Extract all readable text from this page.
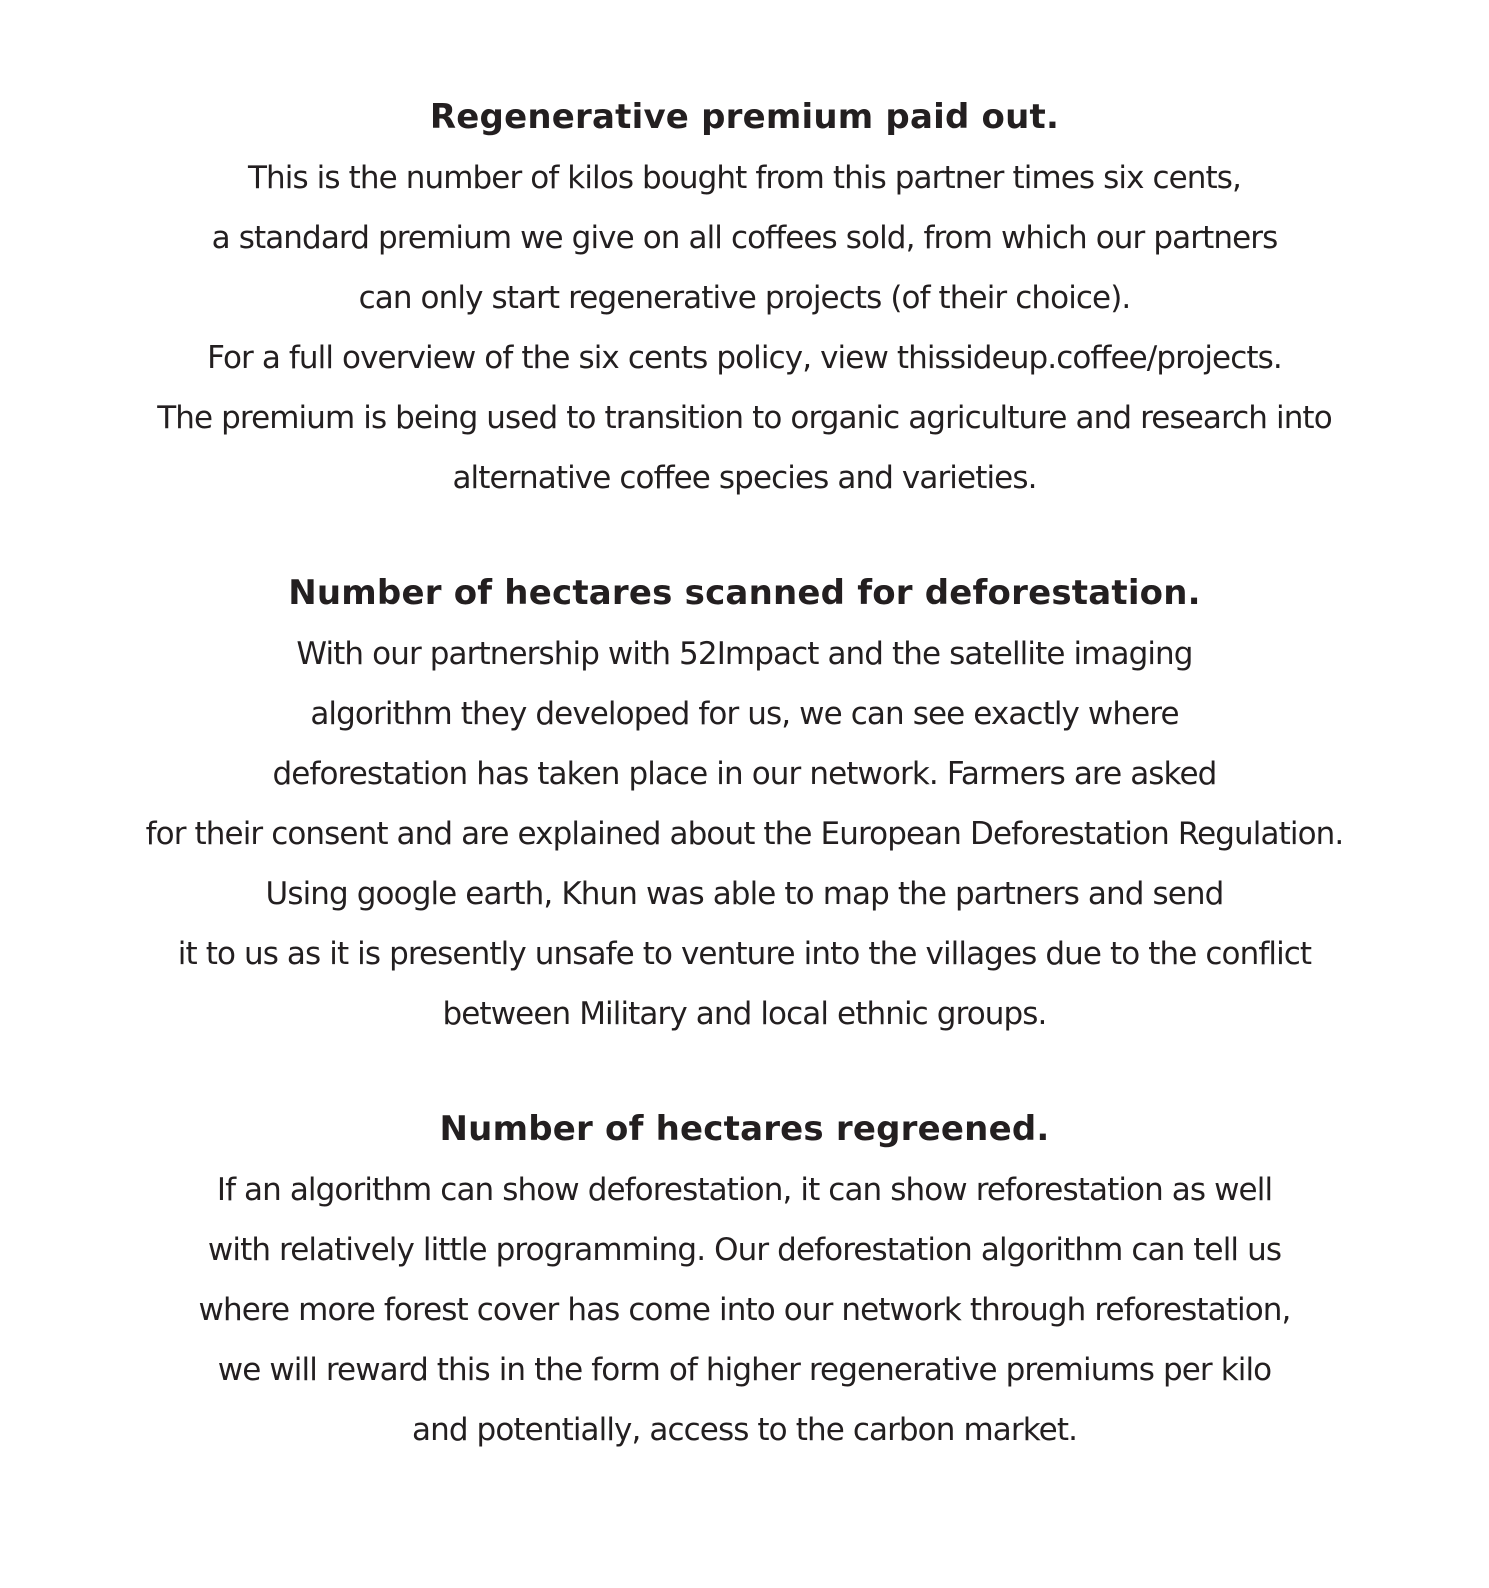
Regenerative premium paid out.
This is the number of kilos bought from this partner times six cents,
a standard premium we give on all coffees sold, from which our partners
can only start regenerative projects (of their choice).
For a full overview of the six cents policy, view thissideup.coffee/projects.
The premium is being used to transition to organic agriculture and research into
alternative coffee species and varieties.
Number of hectares scanned for deforestation.
With our partnership with 52Impact and the satellite imaging
algorithm they developed for us, we can see exactly where
deforestation has taken place in our network. Farmers are asked
for their consent and are explained about the European Deforestation Regulation.
Using google earth, Khun was able to map the partners and send
it to us as it is presently unsafe to venture into the villages due to the conflict
between Military and local ethnic groups.
Number of hectares regreened.
If an algorithm can show deforestation, it can show reforestation as well
with relatively little programming. Our deforestation algorithm can tell us
where more forest cover has come into our network through reforestation,
we will reward this in the form of higher regenerative premiums per kilo
and potentially, access to the carbon market.
